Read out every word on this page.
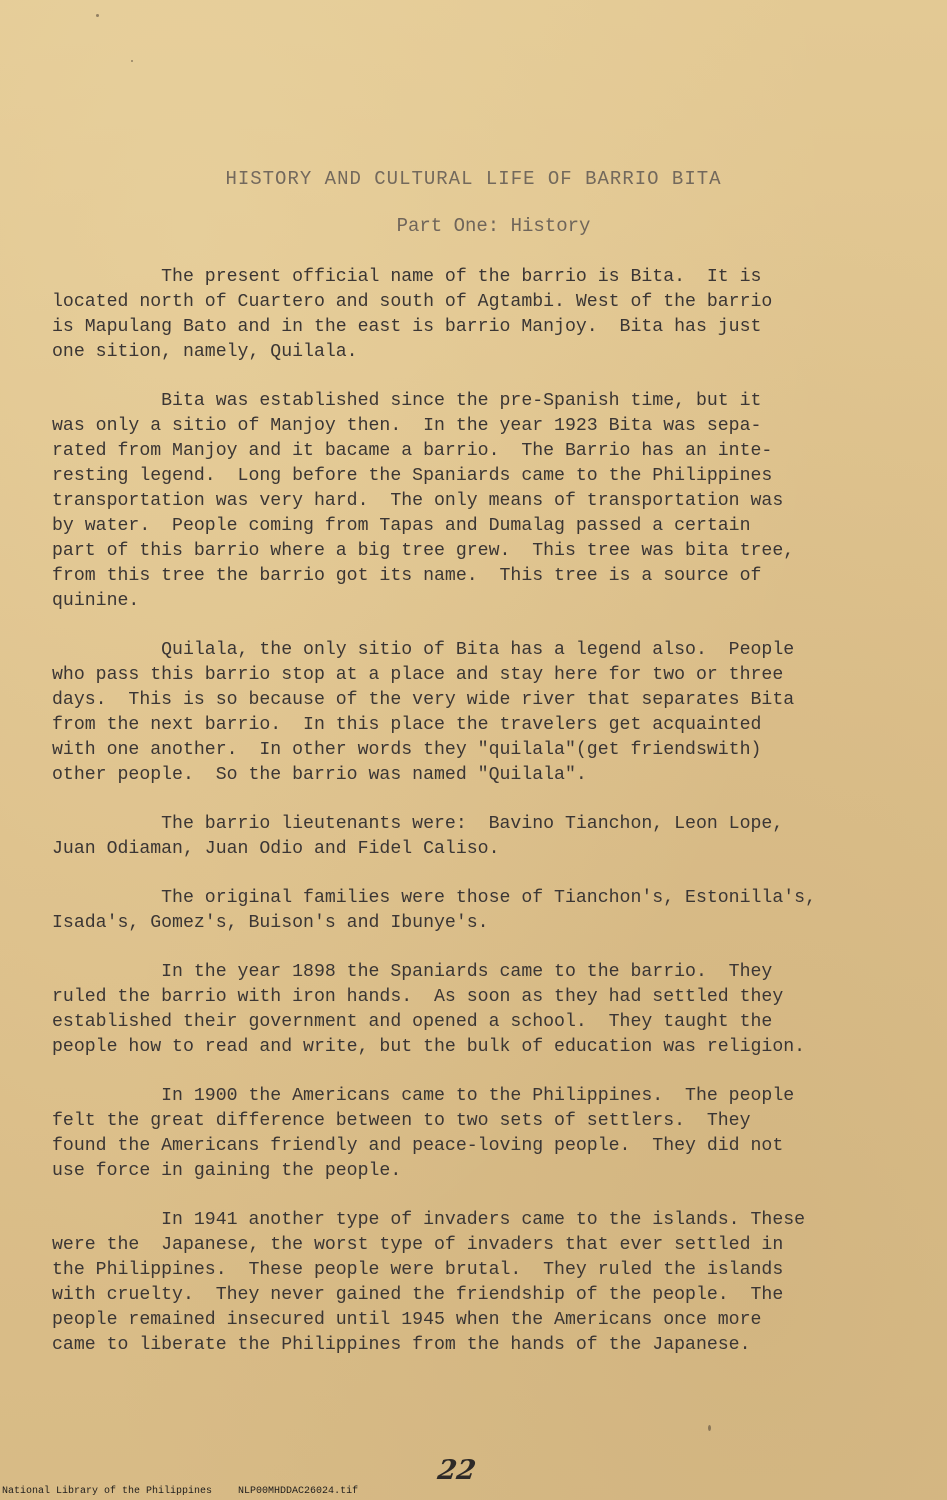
HISTORY AND CULTURAL LIFE OF BARRIO BITA
Part One: History
The present official name of the barrio is Bita.  It is
located north of Cuartero and south of Agtambi. West of the barrio
is Mapulang Bato and in the east is barrio Manjoy.  Bita has just
one sition, namely, Quilala.
Bita was established since the pre-Spanish time, but it
was only a sitio of Manjoy then.  In the year 1923 Bita was sepa-
rated from Manjoy and it bacame a barrio.  The Barrio has an inte-
resting legend.  Long before the Spaniards came to the Philippines
transportation was very hard.  The only means of transportation was
by water.  People coming from Tapas and Dumalag passed a certain
part of this barrio where a big tree grew.  This tree was bita tree,
from this tree the barrio got its name.  This tree is a source of
quinine.
Quilala, the only sitio of Bita has a legend also.  People
who pass this barrio stop at a place and stay here for two or three
days.  This is so because of the very wide river that separates Bita
from the next barrio.  In this place the travelers get acquainted
with one another.  In other words they "quilala"(get friendswith)
other people.  So the barrio was named "Quilala".
The barrio lieutenants were:  Bavino Tianchon, Leon Lope,
Juan Odiaman, Juan Odio and Fidel Caliso.
The original families were those of Tianchon's, Estonilla's,
Isada's, Gomez's, Buison's and Ibunye's.
In the year 1898 the Spaniards came to the barrio.  They
ruled the barrio with iron hands.  As soon as they had settled they
established their government and opened a school.  They taught the
people how to read and write, but the bulk of education was religion.
In 1900 the Americans came to the Philippines.  The people
felt the great difference between to two sets of settlers.  They
found the Americans friendly and peace-loving people.  They did not
use force in gaining the people.
In 1941 another type of invaders came to the islands. These
were the  Japanese, the worst type of invaders that ever settled in
the Philippines.  These people were brutal.  They ruled the islands
with cruelty.  They never gained the friendship of the people.  The
people remained insecured until 1945 when the Americans once more
came to liberate the Philippines from the hands of the Japanese.
22
National Library of the Philippines	NLP00MHDDAC26024.tif
